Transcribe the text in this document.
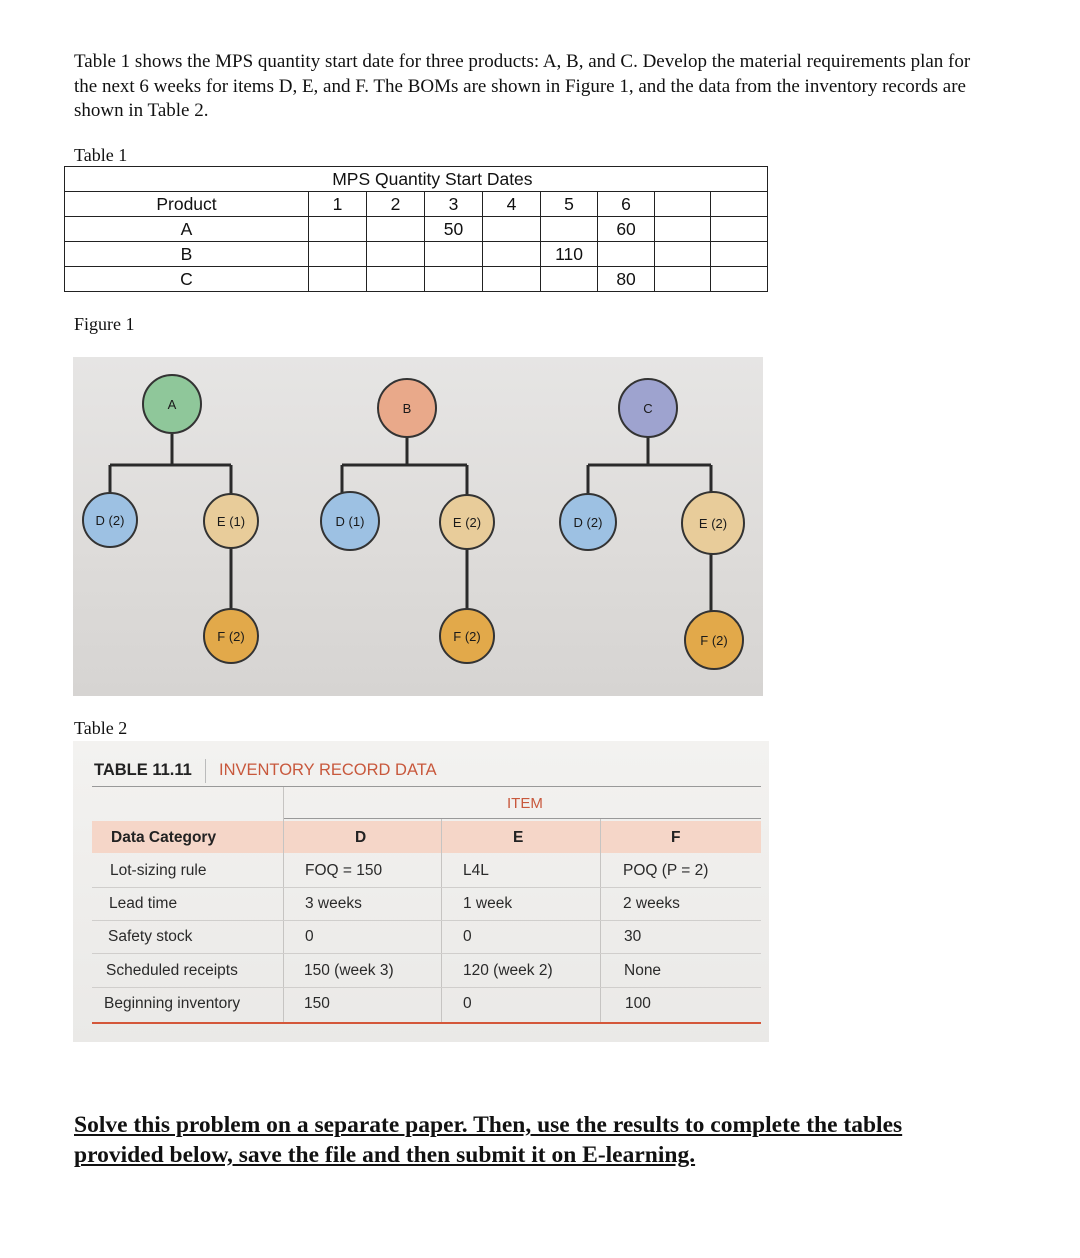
Table 1 shows the MPS quantity start date for three products: A, B, and C. Develop the material requirements plan for the next 6 weeks for items D, E, and F. The BOMs are shown in Figure 1, and the data from the inventory records are shown in Table 2.
Table 1
	MPS Quantity Start Dates							
Product	1	2	3	4	5	6		
A			50			60		
B					110			
C						80		
Figure 1
A
D (2)	E (1)
F (2)
B
D (1)	E (2)
F (2)
C
D (2)	E (2)
F (2)
Table 2
TABLE 11.11 INVENTORY RECORD DATA
ITEM
Data Category	D	E	F
Lot-sizing rule	FOQ = 150	L4L	POQ (P = 2)
Lead time	3 weeks	1 week	2 weeks
Safety stock	0	0	30
Scheduled receipts	150 (week 3)	120 (week 2)	None
Beginning inventory	150	0	100
Solve this problem on a separate paper. Then, use the results to complete the tables provided below, save the file and then submit it on E-learning.
